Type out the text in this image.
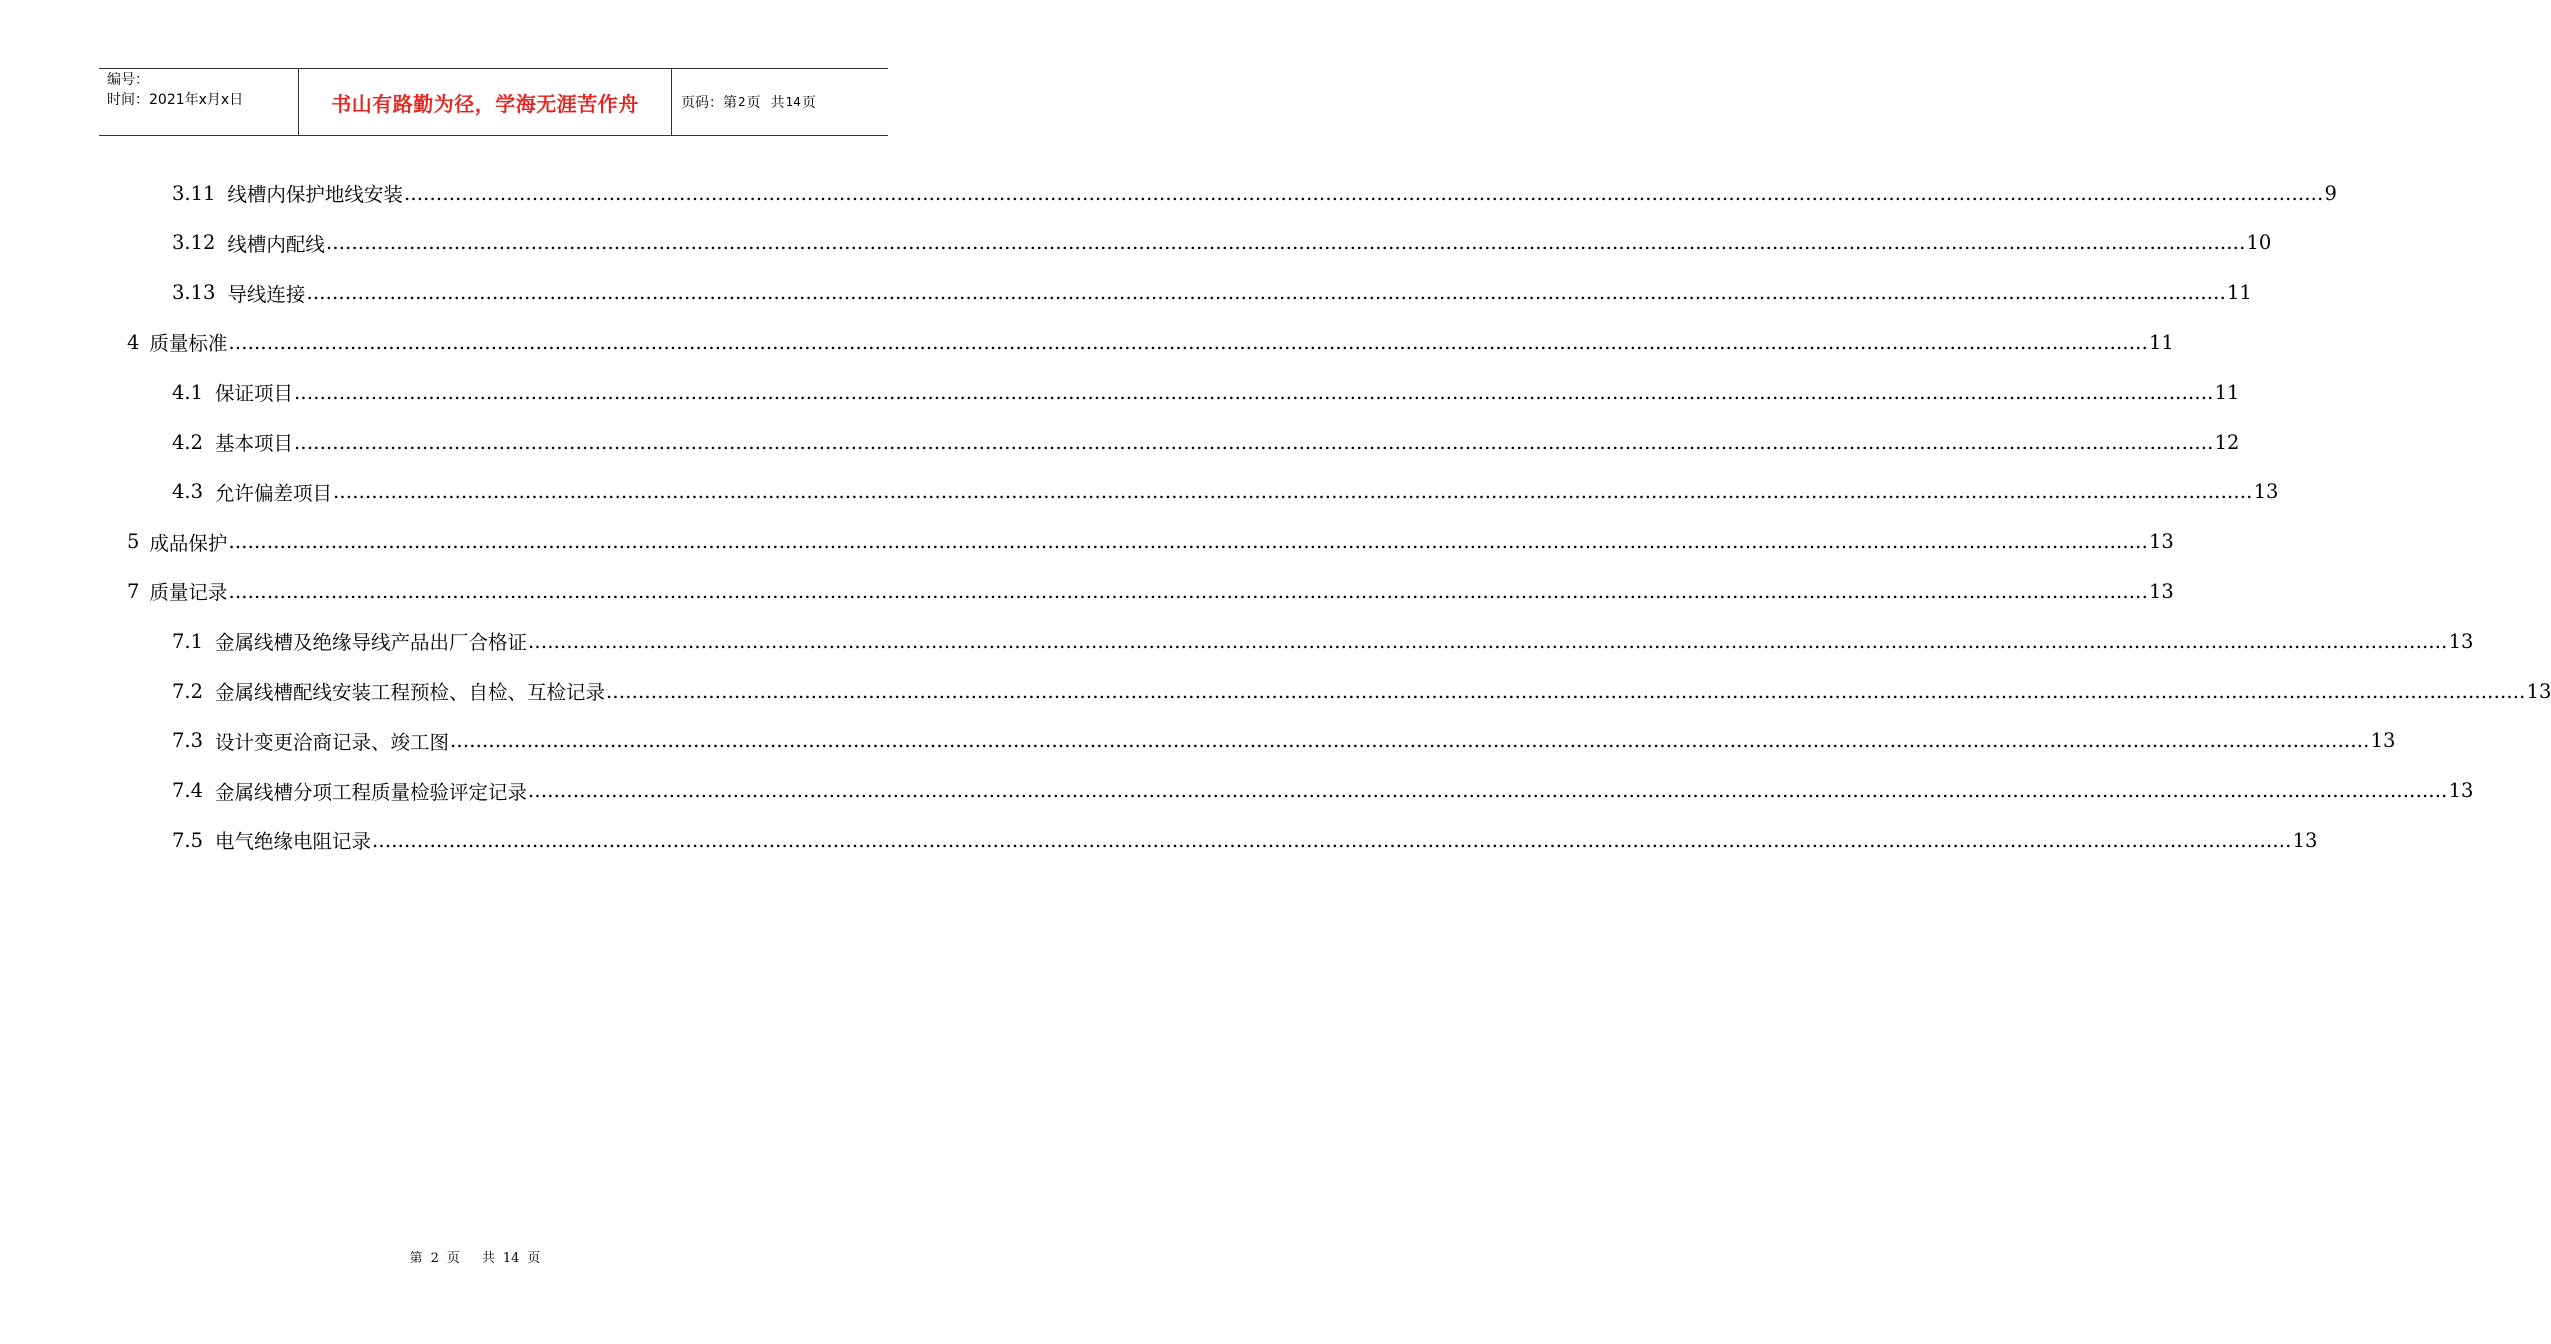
编号：
时间：2021年x月x日	书山有路勤为径，学海无涯苦作舟	页码：第 2 页 共 14 页
3.11 线槽内保护地线安装 ............................................................................................................................................................................................................................................................................................................ 9
3.12 线槽内配线 ............................................................................................................................................................................................................................................................................................................ 10
3.13 导线连接 ............................................................................................................................................................................................................................................................................................................ 11
4 质量标准 ............................................................................................................................................................................................................................................................................................................ 11
4.1 保证项目 ............................................................................................................................................................................................................................................................................................................ 11
4.2 基本项目 ............................................................................................................................................................................................................................................................................................................ 12
4.3 允许偏差项目 ............................................................................................................................................................................................................................................................................................................ 13
5 成品保护 ............................................................................................................................................................................................................................................................................................................ 13
7 质量记录 ............................................................................................................................................................................................................................................................................................................ 13
7.1 金属线槽及绝缘导线产品出厂合格证 ............................................................................................................................................................................................................................................................................................................ 13
7.2 金属线槽配线安装工程预检、自检、互检记录 ............................................................................................................................................................................................................................................................................................................ 13
7.3 设计变更洽商记录、竣工图 ............................................................................................................................................................................................................................................................................................................ 13
7.4 金属线槽分项工程质量检验评定记录 ............................................................................................................................................................................................................................................................................................................ 13
7.5 电气绝缘电阻记录 ............................................................................................................................................................................................................................................................................................................ 13
第 2 页 共 14 页
